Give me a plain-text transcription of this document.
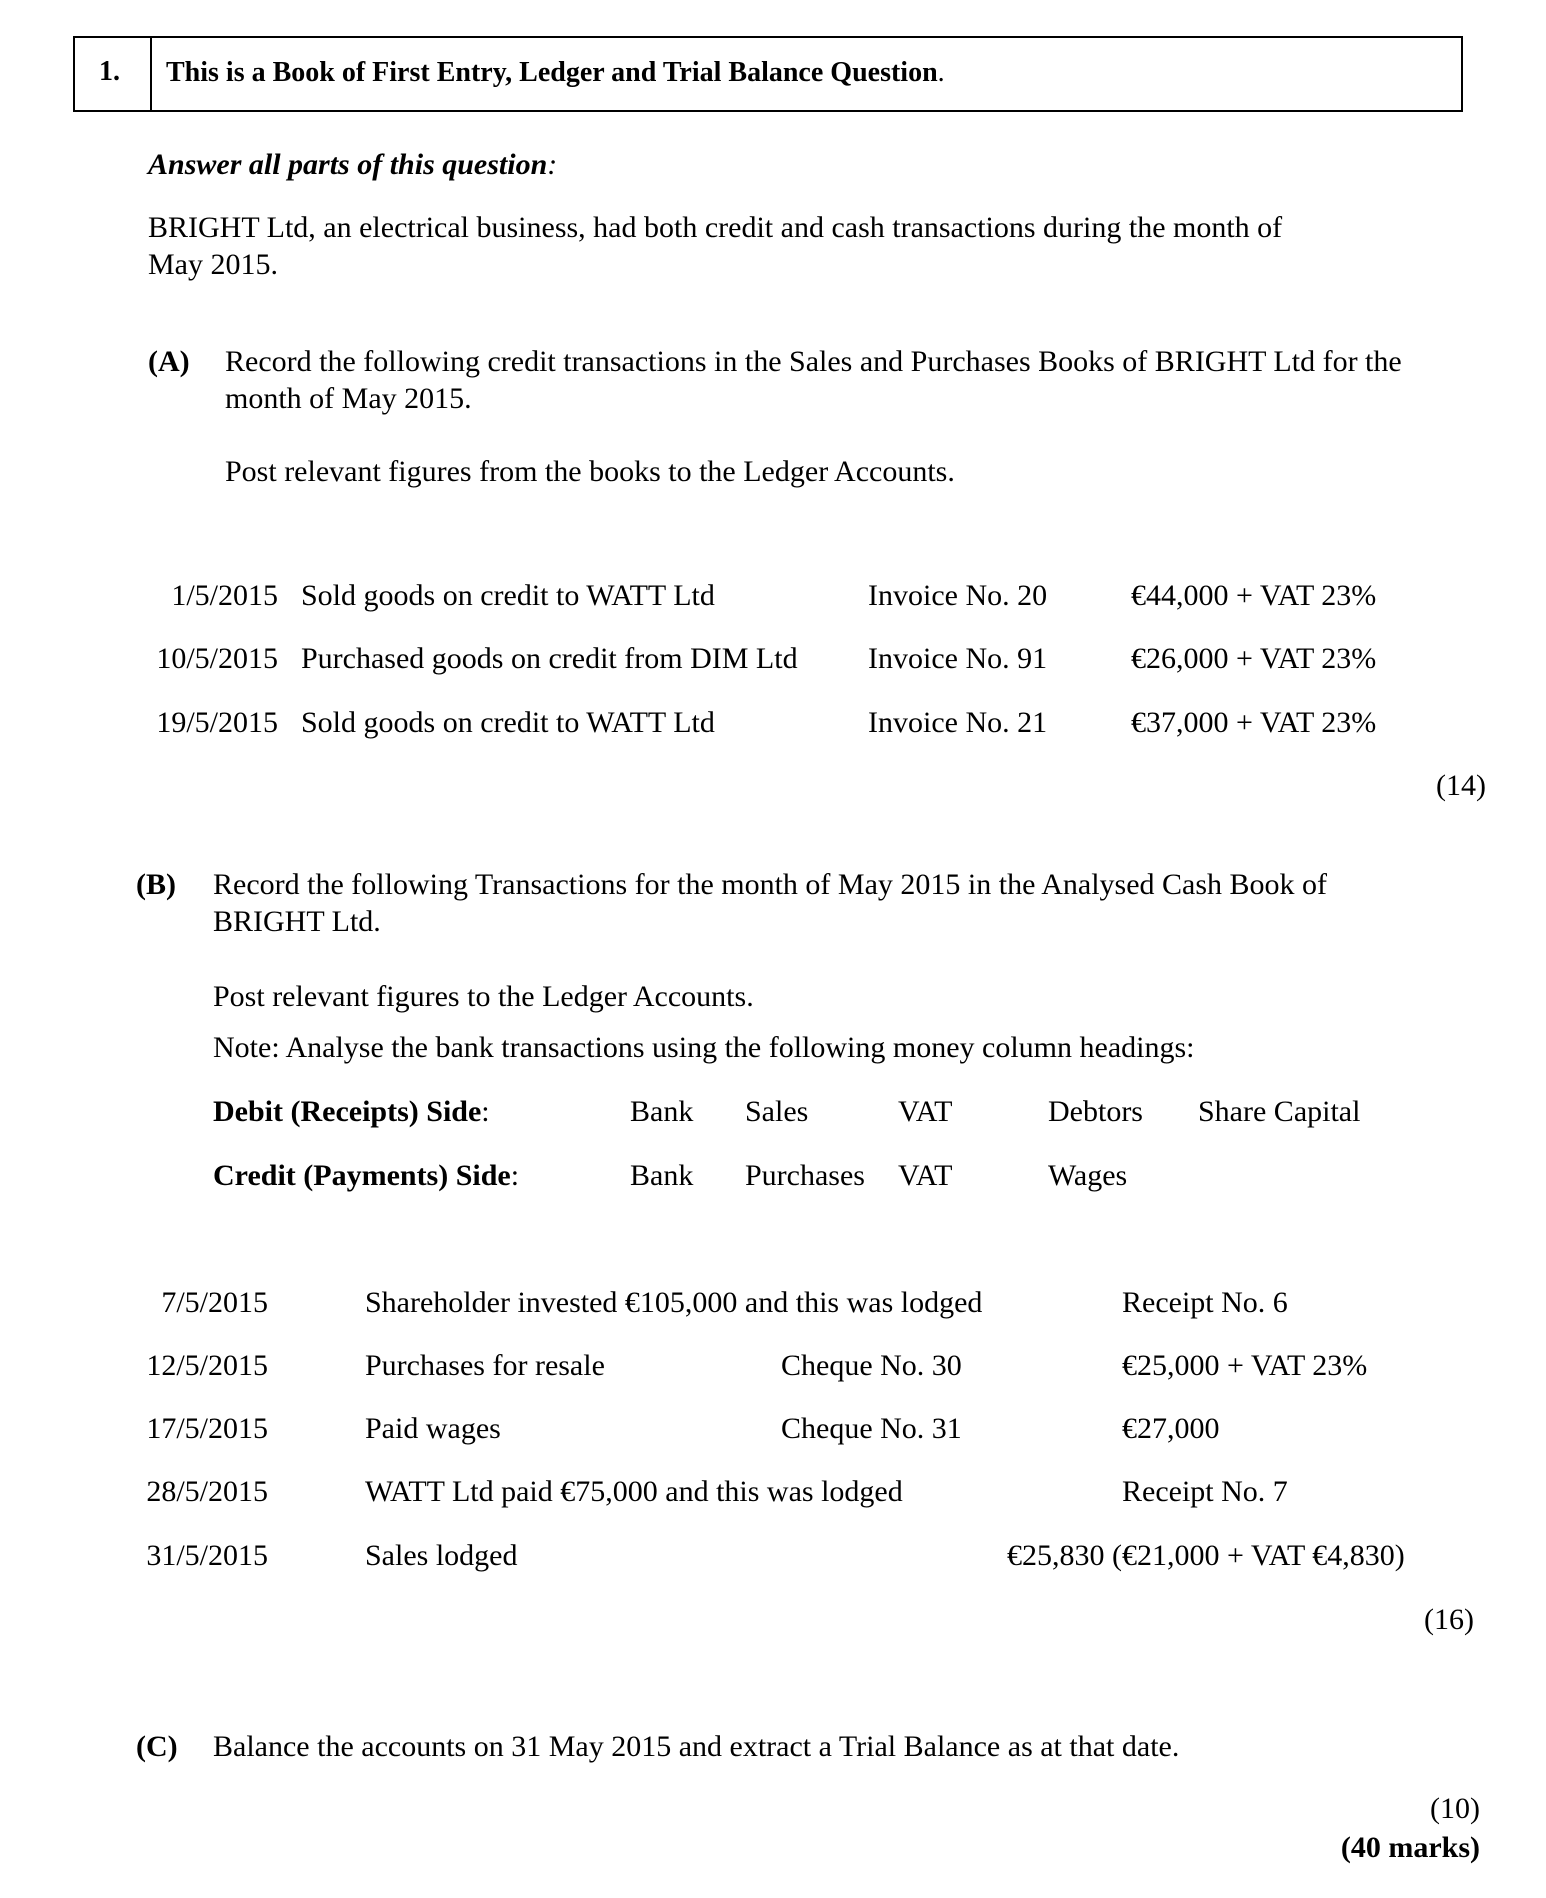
1. This is a Book of First Entry, Ledger and Trial Balance Question.
Answer all parts of this question:
BRIGHT Ltd, an electrical business, had both credit and cash transactions during the month of
May 2015.
(A) Record the following credit transactions in the Sales and Purchases Books of BRIGHT Ltd for the
month of May 2015.
Post relevant figures from the books to the Ledger Accounts.
1/5/2015 Sold goods on credit to WATT Ltd	Invoice No. 20	€44,000 + VAT 23%
10/5/2015 Purchased goods on credit from DIM Ltd Invoice No. 91	€26,000 + VAT 23%
19/5/2015 Sold goods on credit to WATT Ltd	Invoice No. 21	€37,000 + VAT 23%
(14)
(B) Record the following Transactions for the month of May 2015 in the Analysed Cash Book of
BRIGHT Ltd.
Post relevant figures to the Ledger Accounts.
Note: Analyse the bank transactions using the following money column headings:
Debit (Receipts) Side:	Bank Sales	VAT	Debtors Share Capital
Credit (Payments) Side:	Bank Purchases VAT	Wages
7/5/2015	Shareholder invested €105,000 and this was lodged	Receipt No. 6
12/5/2015	Purchases for resale	Cheque No. 30	€25,000 + VAT 23%
17/5/2015	Paid wages	Cheque No. 31	€27,000
28/5/2015	WATT Ltd paid €75,000 and this was lodged	Receipt No. 7
31/5/2015	Sales lodged	€25,830 (€21,000 + VAT €4,830)
(16)
(C) Balance the accounts on 31 May 2015 and extract a Trial Balance as at that date.
(10)
(40 marks)
